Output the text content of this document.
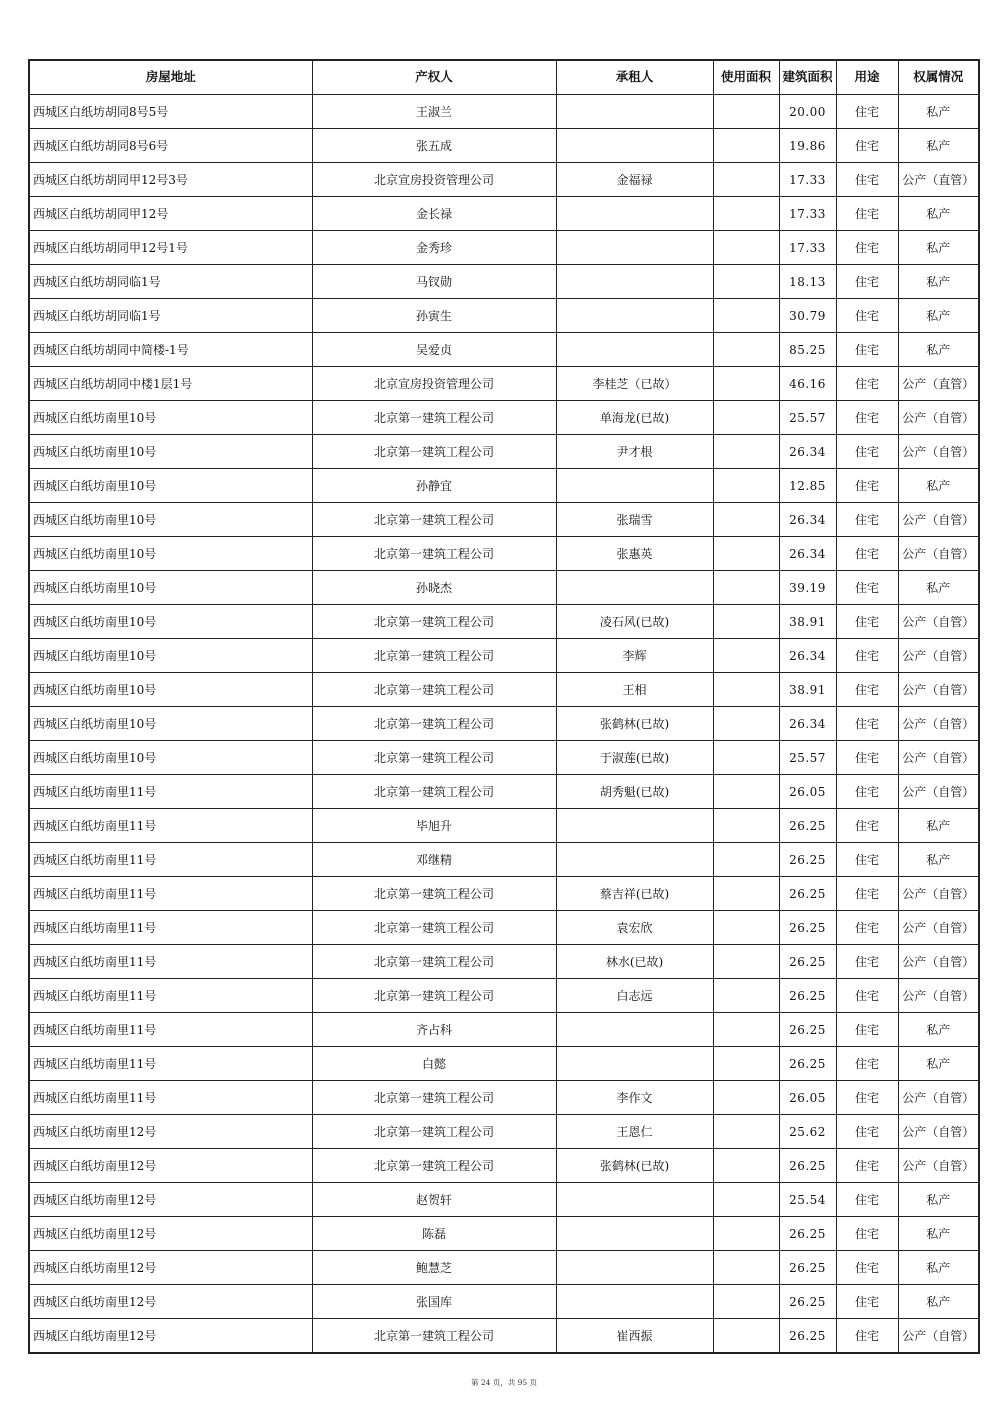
房屋地址	产权人	承租人	使用面积	建筑面积	用途	权属情况
西城区白纸坊胡同8号5号	王淑兰			20.00	住宅	私产
西城区白纸坊胡同8号6号	张五成			19.86	住宅	私产
西城区白纸坊胡同甲12号3号	北京宣房投资管理公司	金福禄		17.33	住宅	公产（直管）
西城区白纸坊胡同甲12号	金长禄			17.33	住宅	私产
西城区白纸坊胡同甲12号1号	金秀珍			17.33	住宅	私产
西城区白纸坊胡同临1号	马钗勋			18.13	住宅	私产
西城区白纸坊胡同临1号	孙寅生			30.79	住宅	私产
西城区白纸坊胡同中简楼-1号	吴爱贞			85.25	住宅	私产
西城区白纸坊胡同中楼1层1号	北京宣房投资管理公司	李桂芝（已故）		46.16	住宅	公产（直管）
西城区白纸坊南里10号	北京第一建筑工程公司	单海龙(已故)		25.57	住宅	公产（自管）
西城区白纸坊南里10号	北京第一建筑工程公司	尹才根		26.34	住宅	公产（自管）
西城区白纸坊南里10号	孙静宜			12.85	住宅	私产
西城区白纸坊南里10号	北京第一建筑工程公司	张瑞雪		26.34	住宅	公产（自管）
西城区白纸坊南里10号	北京第一建筑工程公司	张惠英		26.34	住宅	公产（自管）
西城区白纸坊南里10号	孙晓杰			39.19	住宅	私产
西城区白纸坊南里10号	北京第一建筑工程公司	凌石风(已故)		38.91	住宅	公产（自管）
西城区白纸坊南里10号	北京第一建筑工程公司	李辉		26.34	住宅	公产（自管）
西城区白纸坊南里10号	北京第一建筑工程公司	王相		38.91	住宅	公产（自管）
西城区白纸坊南里10号	北京第一建筑工程公司	张鹤林(已故)		26.34	住宅	公产（自管）
西城区白纸坊南里10号	北京第一建筑工程公司	于淑莲(已故)		25.57	住宅	公产（自管）
西城区白纸坊南里11号	北京第一建筑工程公司	胡秀魁(已故)		26.05	住宅	公产（自管）
西城区白纸坊南里11号	毕旭升			26.25	住宅	私产
西城区白纸坊南里11号	邓继精			26.25	住宅	私产
西城区白纸坊南里11号	北京第一建筑工程公司	蔡吉祥(已故)		26.25	住宅	公产（自管）
西城区白纸坊南里11号	北京第一建筑工程公司	袁宏欣		26.25	住宅	公产（自管）
西城区白纸坊南里11号	北京第一建筑工程公司	林水(已故)		26.25	住宅	公产（自管）
西城区白纸坊南里11号	北京第一建筑工程公司	白志远		26.25	住宅	公产（自管）
西城区白纸坊南里11号	齐占科			26.25	住宅	私产
西城区白纸坊南里11号	白懿			26.25	住宅	私产
西城区白纸坊南里11号	北京第一建筑工程公司	李作文		26.05	住宅	公产（自管）
西城区白纸坊南里12号	北京第一建筑工程公司	王恩仁		25.62	住宅	公产（自管）
西城区白纸坊南里12号	北京第一建筑工程公司	张鹤林(已故)		26.25	住宅	公产（自管）
西城区白纸坊南里12号	赵贺轩			25.54	住宅	私产
西城区白纸坊南里12号	陈磊			26.25	住宅	私产
西城区白纸坊南里12号	鲍慧芝			26.25	住宅	私产
西城区白纸坊南里12号	张国库			26.25	住宅	私产
西城区白纸坊南里12号	北京第一建筑工程公司	崔西振		26.25	住宅	公产（自管）
第 24 页，共 95 页
